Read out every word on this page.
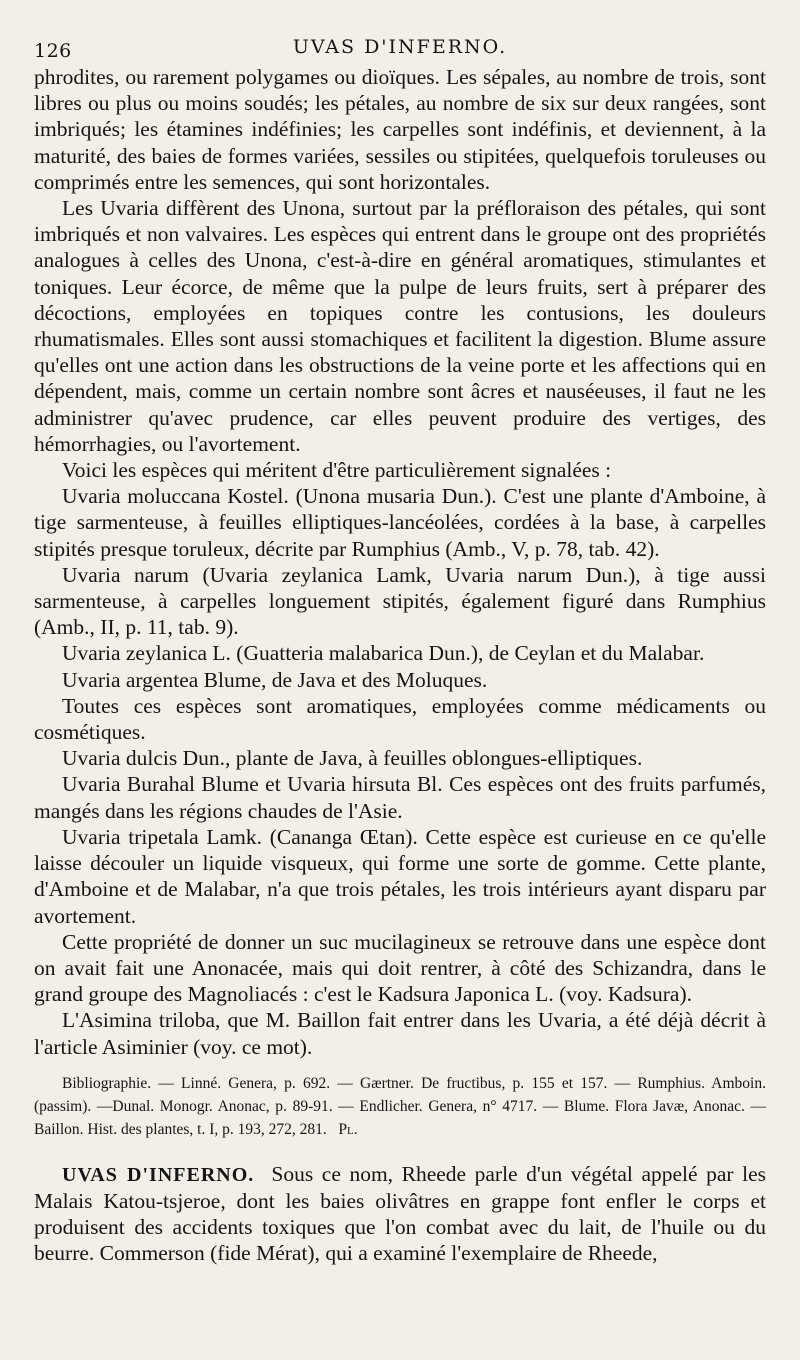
126	UVAS D'INFERNO.

phrodites, ou rarement polygames ou dioïques. Les sépales, au nombre de trois, sont libres ou plus ou moins soudés; les pétales, au nombre de six sur deux rangées, sont imbriqués; les étamines indéfinies; les carpelles sont indéfinis, et deviennent, à la maturité, des baies de formes variées, sessiles ou stipitées, quelquefois toruleuses ou comprimés entre les semences, qui sont horizontales.

Les Uvaria diffèrent des Unona, surtout par la préfloraison des pétales, qui sont imbriqués et non valvaires. Les espèces qui entrent dans le groupe ont des propriétés analogues à celles des Unona, c'est-à-dire en général aromatiques, stimulantes et toniques. Leur écorce, de même que la pulpe de leurs fruits, sert à préparer des décoctions, employées en topiques contre les contusions, les douleurs rhumatismales. Elles sont aussi stomachiques et facilitent la digestion. Blume assure qu'elles ont une action dans les obstructions de la veine porte et les affections qui en dépendent, mais, comme un certain nombre sont âcres et nauséeuses, il faut ne les administrer qu'avec prudence, car elles peuvent produire des vertiges, des hémorrhagies, ou l'avortement.

Voici les espèces qui méritent d'être particulièrement signalées :

Uvaria moluccana Kostel. (Unona musaria Dun.). C'est une plante d'Amboine, à tige sarmenteuse, à feuilles elliptiques-lancéolées, cordées à la base, à carpelles stipités presque toruleux, décrite par Rumphius (Amb., V, p. 78, tab. 42).

Uvaria narum (Uvaria zeylanica Lamk, Uvaria narum Dun.), à tige aussi sarmenteuse, à carpelles longuement stipités, également figuré dans Rumphius (Amb., II, p. 11, tab. 9).

Uvaria zeylanica L. (Guatteria malabarica Dun.), de Ceylan et du Malabar.

Uvaria argentea Blume, de Java et des Moluques.

Toutes ces espèces sont aromatiques, employées comme médicaments ou cosmétiques.

Uvaria dulcis Dun., plante de Java, à feuilles oblongues-elliptiques.

Uvaria Burahal Blume et Uvaria hirsuta Bl. Ces espèces ont des fruits parfumés, mangés dans les régions chaudes de l'Asie.

Uvaria tripetala Lamk. (Cananga Œtan). Cette espèce est curieuse en ce qu'elle laisse découler un liquide visqueux, qui forme une sorte de gomme. Cette plante, d'Amboine et de Malabar, n'a que trois pétales, les trois intérieurs ayant disparu par avortement.

Cette propriété de donner un suc mucilagineux se retrouve dans une espèce dont on avait fait une Anonacée, mais qui doit rentrer, à côté des Schizandra, dans le grand groupe des Magnoliacés : c'est le Kadsura Japonica L. (voy. Kadsura).

L'Asimina triloba, que M. Baillon fait entrer dans les Uvaria, a été déjà décrit à l'article Asiminier (voy. ce mot).

Bibliographie. — Linné. Genera, p. 692. — Gærtner. De fructibus, p. 155 et 157. — Rumphius. Amboin. (passim). —Dunal. Monogr. Anonac, p. 89-91. — Endlicher. Genera, n° 4717. — Blume. Flora Javæ, Anonac. — Baillon. Hist. des plantes, t. I, p. 193, 272, 281. Pl.

UVAS D'INFERNO. Sous ce nom, Rheede parle d'un végétal appelé par les Malais Katou-tsjeroe, dont les baies olivâtres en grappe font enfler le corps et produisent des accidents toxiques que l'on combat avec du lait, de l'huile ou du beurre. Commerson (fide Mérat), qui a examiné l'exemplaire de Rheede,
